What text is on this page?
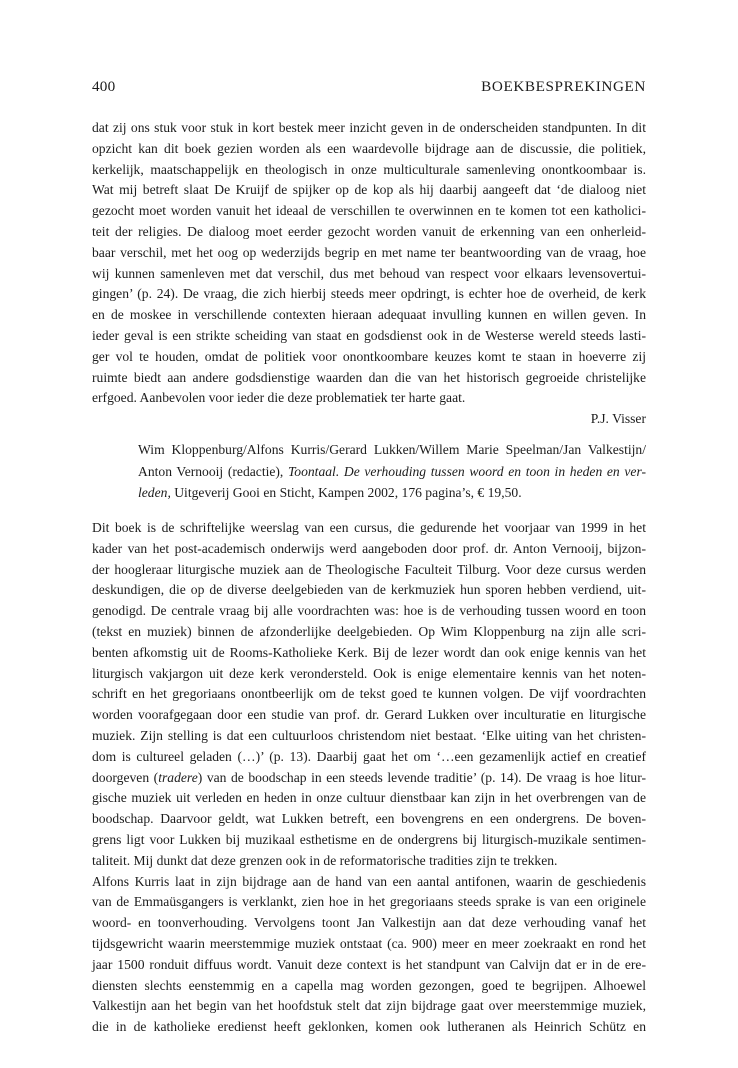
400	BOEKBESPREKINGEN
dat zij ons stuk voor stuk in kort bestek meer inzicht geven in de onderscheiden standpunten. In dit
opzicht kan dit boek gezien worden als een waardevolle bijdrage aan de discussie, die politiek,
kerkelijk, maatschappelijk en theologisch in onze multiculturale samenleving onontkoombaar is.
Wat mij betreft slaat De Kruijf de spijker op de kop als hij daarbij aangeeft dat ‘de dialoog niet
gezocht moet worden vanuit het ideaal de verschillen te overwinnen en te komen tot een katholici-
teit der religies. De dialoog moet eerder gezocht worden vanuit de erkenning van een onherleid-
baar verschil, met het oog op wederzijds begrip en met name ter beantwoording van de vraag, hoe
wij kunnen samenleven met dat verschil, dus met behoud van respect voor elkaars levensovertui-
gingen’ (p. 24). De vraag, die zich hierbij steeds meer opdringt, is echter hoe de overheid, de kerk
en de moskee in verschillende contexten hieraan adequaat invulling kunnen en willen geven. In
ieder geval is een strikte scheiding van staat en godsdienst ook in de Westerse wereld steeds lasti-
ger vol te houden, omdat de politiek voor onontkoombare keuzes komt te staan in hoeverre zij
ruimte biedt aan andere godsdienstige waarden dan die van het historisch gegroeide christelijke
erfgoed. Aanbevolen voor ieder die deze problematiek ter harte gaat.
P.J. Visser
Wim Kloppenburg/Alfons Kurris/Gerard Lukken/Willem Marie Speelman/Jan Valkestijn/
Anton Vernooij (redactie), Toontaal. De verhouding tussen woord en toon in heden en ver-
leden, Uitgeverij Gooi en Sticht, Kampen 2002, 176 pagina’s, € 19,50.
Dit boek is de schriftelijke weerslag van een cursus, die gedurende het voorjaar van 1999 in het
kader van het post-academisch onderwijs werd aangeboden door prof. dr. Anton Vernooij, bijzon-
der hoogleraar liturgische muziek aan de Theologische Faculteit Tilburg. Voor deze cursus werden
deskundigen, die op de diverse deelgebieden van de kerkmuziek hun sporen hebben verdiend, uit-
genodigd. De centrale vraag bij alle voordrachten was: hoe is de verhouding tussen woord en toon
(tekst en muziek) binnen de afzonderlijke deelgebieden. Op Wim Kloppenburg na zijn alle scri-
benten afkomstig uit de Rooms-Katholieke Kerk. Bij de lezer wordt dan ook enige kennis van het
liturgisch vakjargon uit deze kerk verondersteld. Ook is enige elementaire kennis van het noten-
schrift en het gregoriaans onontbeerlijk om de tekst goed te kunnen volgen. De vijf voordrachten
worden voorafgegaan door een studie van prof. dr. Gerard Lukken over inculturatie en liturgische
muziek. Zijn stelling is dat een cultuurloos christendom niet bestaat. ‘Elke uiting van het christen-
dom is cultureel geladen (…)’ (p. 13). Daarbij gaat het om ‘…een gezamenlijk actief en creatief
doorgeven (tradere) van de boodschap in een steeds levende traditie’ (p. 14). De vraag is hoe litur-
gische muziek uit verleden en heden in onze cultuur dienstbaar kan zijn in het overbrengen van de
boodschap. Daarvoor geldt, wat Lukken betreft, een bovengrens en een ondergrens. De boven-
grens ligt voor Lukken bij muzikaal esthetisme en de ondergrens bij liturgisch-muzikale sentimen-
taliteit. Mij dunkt dat deze grenzen ook in de reformatorische tradities zijn te trekken.
Alfons Kurris laat in zijn bijdrage aan de hand van een aantal antifonen, waarin de geschiedenis
van de Emmaüsgangers is verklankt, zien hoe in het gregoriaans steeds sprake is van een originele
woord- en toonverhouding. Vervolgens toont Jan Valkestijn aan dat deze verhouding vanaf het
tijdsgewricht waarin meerstemmige muziek ontstaat (ca. 900) meer en meer zoekraakt en rond het
jaar 1500 ronduit diffuus wordt. Vanuit deze context is het standpunt van Calvijn dat er in de ere-
diensten slechts eenstemmig en a capella mag worden gezongen, goed te begrijpen. Alhoewel
Valkestijn aan het begin van het hoofdstuk stelt dat zijn bijdrage gaat over meerstemmige muziek,
die in de katholieke eredienst heeft geklonken, komen ook lutheranen als Heinrich Schütz en
